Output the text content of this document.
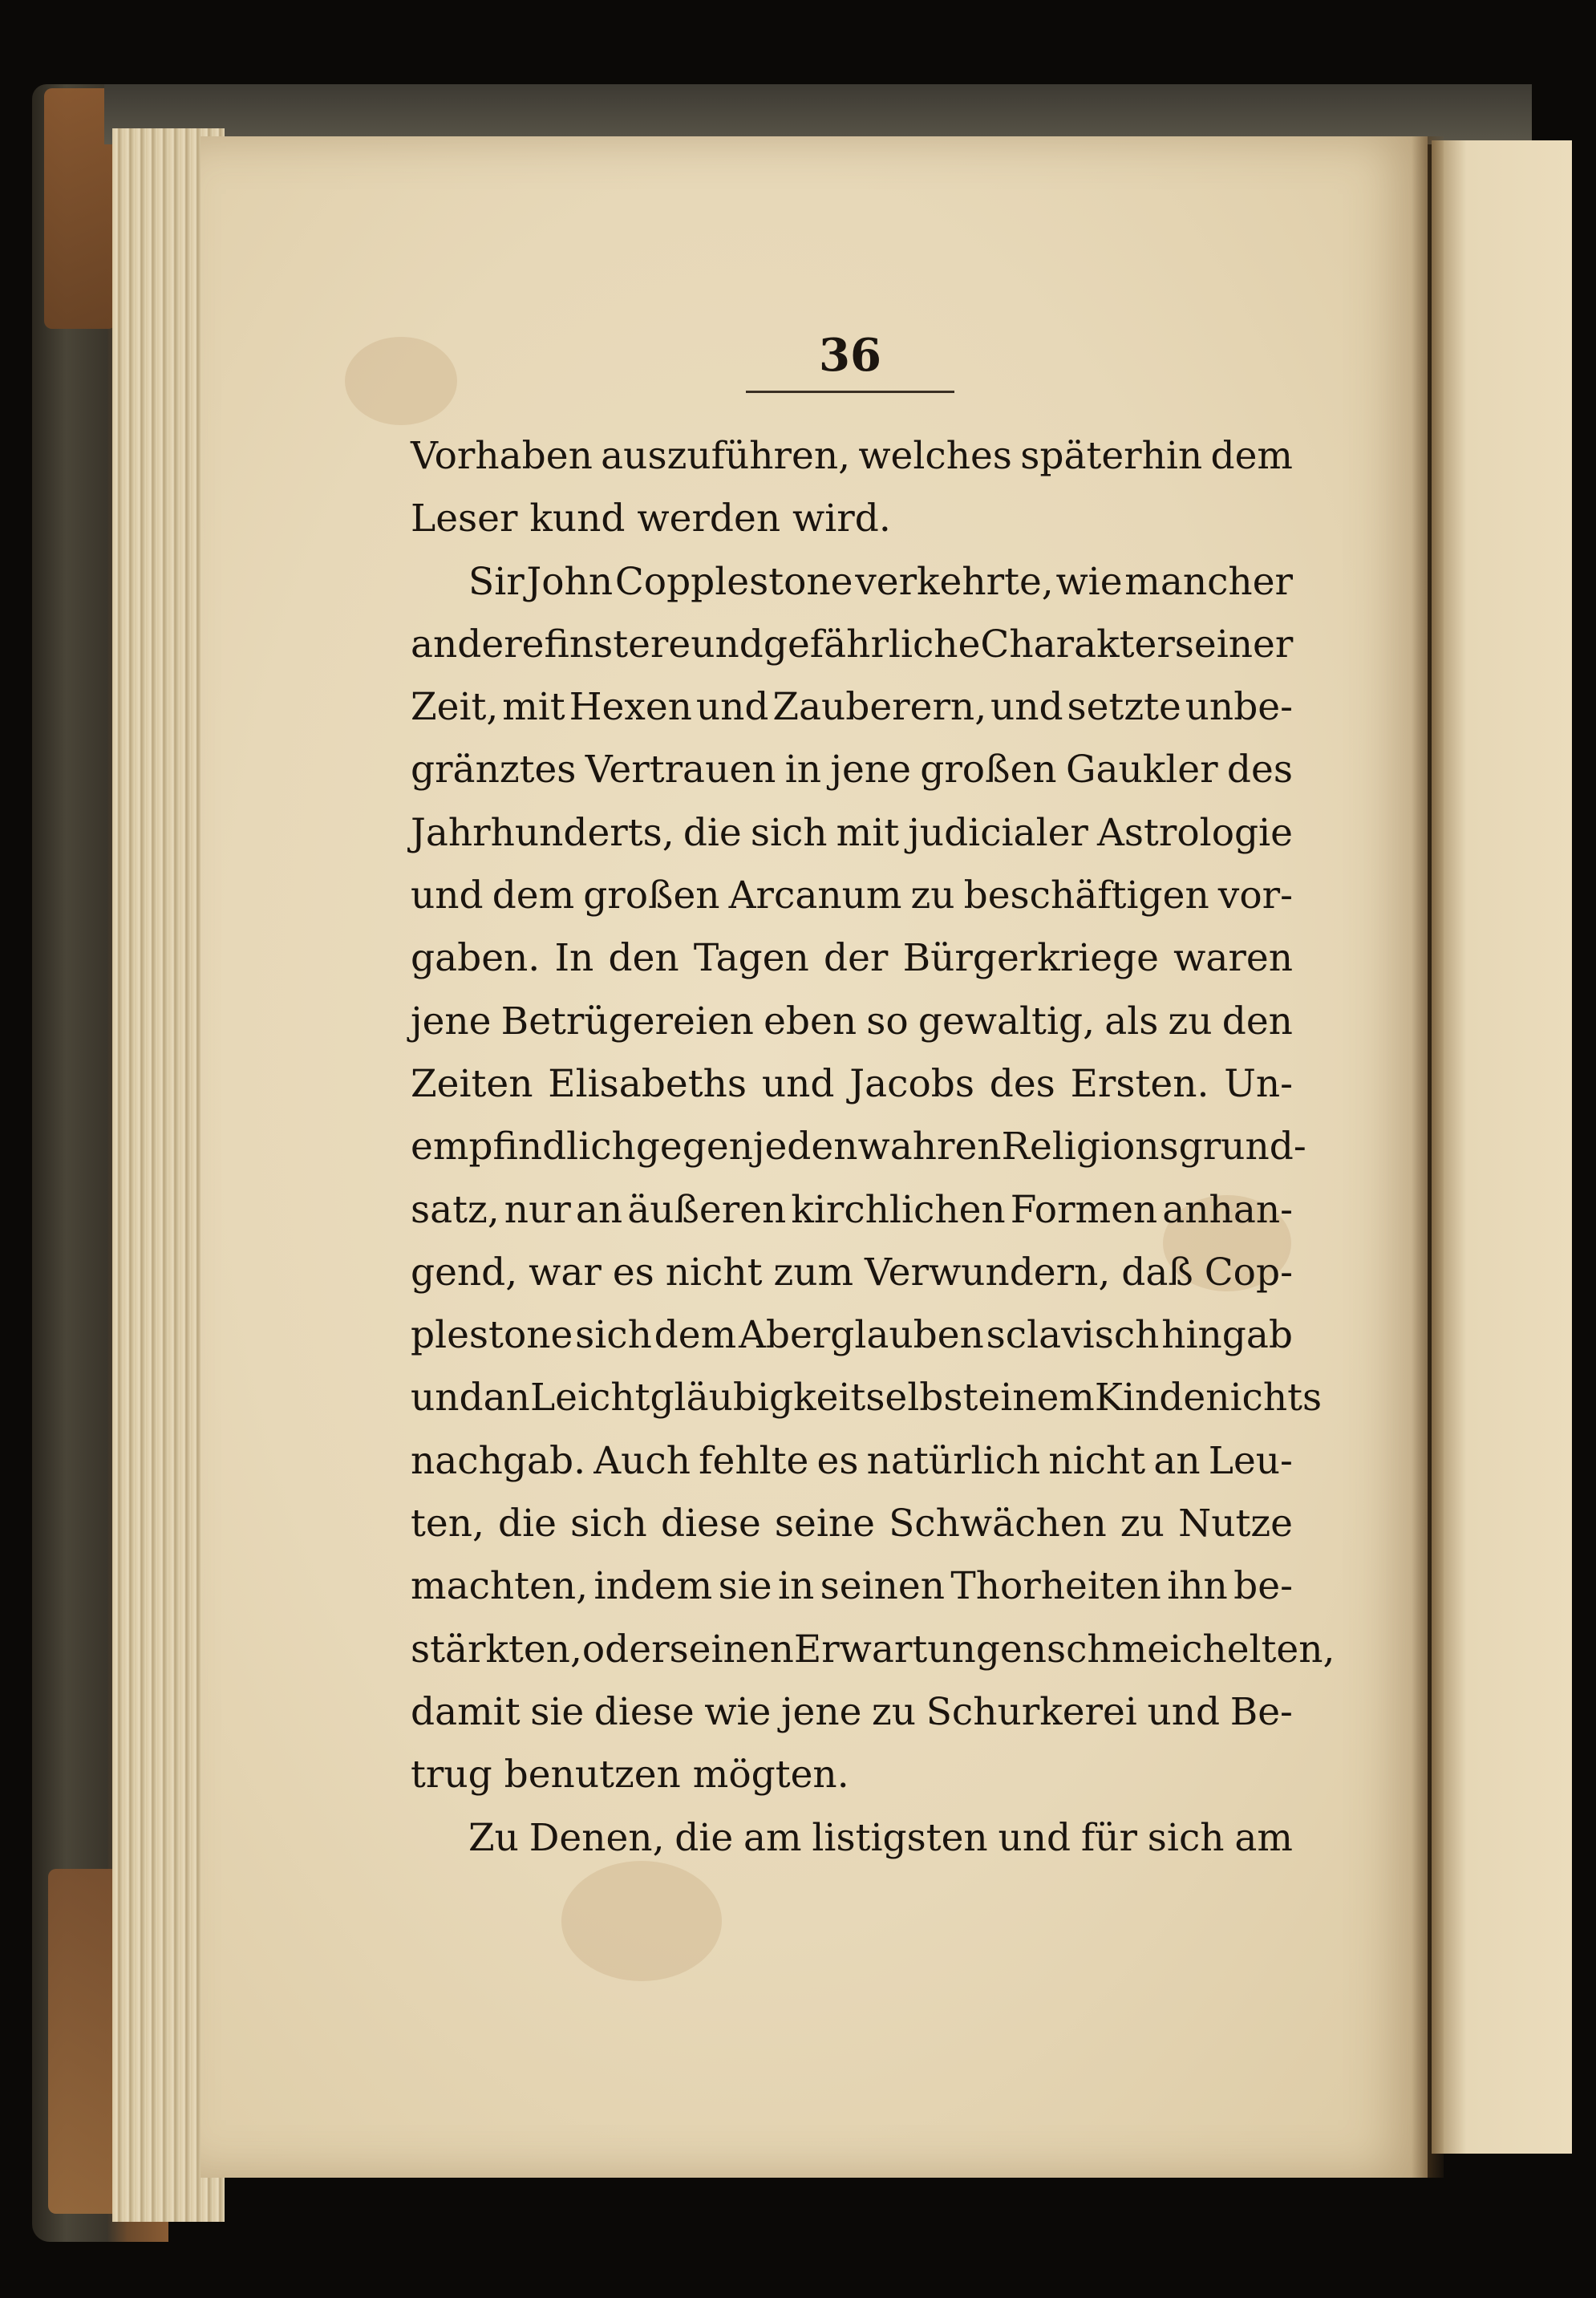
36
Vorhaben auszuführen, welches späterhin dem
Leser kund werden wird.
Sir John Copplestone verkehrte, wie mancher
andere finstere und gefährliche Charakter seiner
Zeit, mit Hexen und Zauberern, und setzte unbe-
gränztes Vertrauen in jene großen Gaukler des
Jahrhunderts, die sich mit judicialer Astrologie
und dem großen Arcanum zu beschäftigen vor-
gaben. In den Tagen der Bürgerkriege waren
jene Betrügereien eben so gewaltig, als zu den
Zeiten Elisabeths und Jacobs des Ersten. Un-
empfindlich gegen jeden wahren Religionsgrund-
satz, nur an äußeren kirchlichen Formen anhan-
gend, war es nicht zum Verwundern, daß Cop-
plestone sich dem Aberglauben sclavisch hingab
und an Leichtgläubigkeit selbst einem Kinde nichts
nachgab. Auch fehlte es natürlich nicht an Leu-
ten, die sich diese seine Schwächen zu Nutze
machten, indem sie in seinen Thorheiten ihn be-
stärkten, oder seinen Erwartungen schmeichelten,
damit sie diese wie jene zu Schurkerei und Be-
trug benutzen mögten.
Zu Denen, die am listigsten und für sich am
